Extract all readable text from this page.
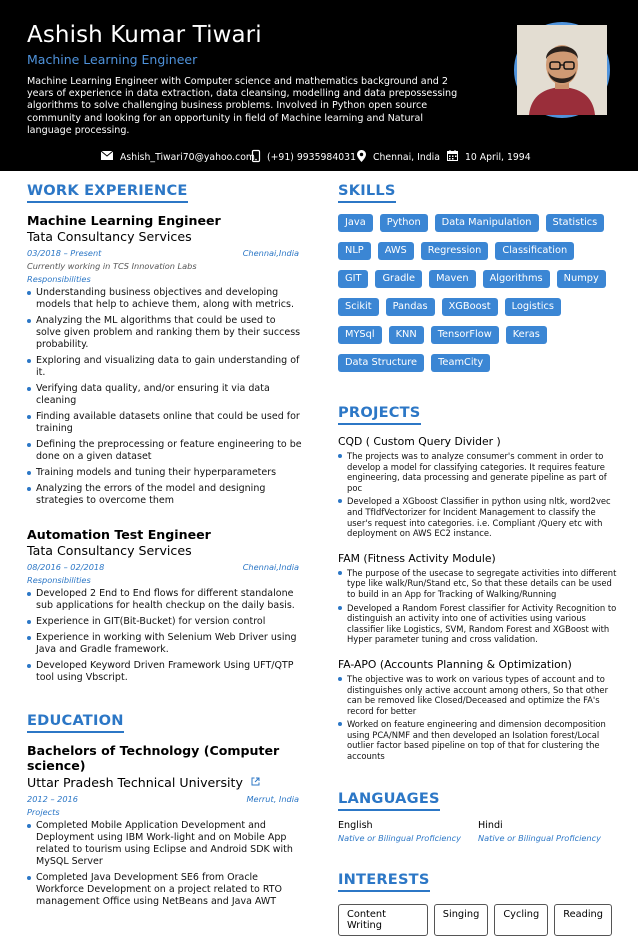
Ashish Kumar Tiwari
Machine Learning Engineer
Machine Learning Engineer with Computer science and mathematics background and 2 years of experience in data extraction, data cleansing, modelling and data prepossessing algorithms to solve challenging business problems. Involved in Python open source community and looking for an opportunity in field of Machine learning and Natural language processing.
Ashish_Tiwari70@yahoo.com (+91) 9935984031 Chennai, India	10 April, 1994
WORK EXPERIENCE
Machine Learning Engineer
Tata Consultancy Services
03/2018 – Present	Chennai,India
Currently working in TCS Innovation Labs
Responsibilities
Understanding business objectives and developing models that help to achieve them, along with metrics.
Analyzing the ML algorithms that could be used to solve given problem and ranking them by their success probability.
Exploring and visualizing data to gain understanding of it.
Verifying data quality, and/or ensuring it via data cleaning
Finding available datasets online that could be used for training
Defining the preprocessing or feature engineering to be done on a given dataset
Training models and tuning their hyperparameters
Analyzing the errors of the model and designing strategies to overcome them
Automation Test Engineer
Tata Consultancy Services
08/2016 – 02/2018	Chennai,India
Responsibilities
Developed 2 End to End flows for different standalone sub applications for health checkup on the daily basis.
Experience in GIT(Bit-Bucket) for version control
Experience in working with Selenium Web Driver using Java and Gradle framework.
Developed Keyword Driven Framework Using UFT/QTP tool using Vbscript.
EDUCATION
Bachelors of Technology (Computer science)
Uttar Pradesh Technical University
2012 – 2016	Merrut, India
Projects
Completed Mobile Application Development and Deployment using IBM Work-light and on Mobile App related to tourism using Eclipse and Android SDK with MySQL Server
Completed Java Development SE6 from Oracle Workforce Development on a project related to RTO management Office using NetBeans and Java AWT
SKILLS
Java	Python	Data Manipulation	Statistics
NLP	AWS	Regression	Classification
GIT	Gradle	Maven	Algorithms	Numpy
Scikit	Pandas	XGBoost	Logistics
MYSql	KNN	TensorFlow	Keras
Data Structure	TeamCity
PROJECTS
CQD ( Custom Query Divider )
The projects was to analyze consumer's comment in order to develop a model for classifying categories. It requires feature engineering, data processing and generate pipeline as part of poc
Developed a XGboost Classifier in python using nltk, word2vec and TfIdfVectorizer for Incident Management to classify the user's request into categories. i.e. Compliant /Query etc with deployment on AWS EC2 instance.
FAM (Fitness Activity Module)
The purpose of the usecase to segregate activities into different type like walk/Run/Stand etc, So that these details can be used to build in an App for Tracking of Walking/Running
Developed a Random Forest classifier for Activity Recognition to distinguish an activity into one of activities using various classifier like Logistics, SVM, Random Forest and XGBoost with Hyper parameter tuning and cross validation.
FA-APO (Accounts Planning & Optimization)
The objective was to work on various types of account and to distinguishes only active account among others, So that other can be removed like Closed/Deceased and optimize the FA's record for better
Worked on feature engineering and dimension decomposition using PCA/NMF and then developed an Isolation forest/Local outlier factor based pipeline on top of that for clustering the accounts
LANGUAGES
English
Native or Bilingual Proficiency
Hindi
Native or Bilingual Proficiency
INTERESTS
Content Writing
Singing	Cycling	Reading
